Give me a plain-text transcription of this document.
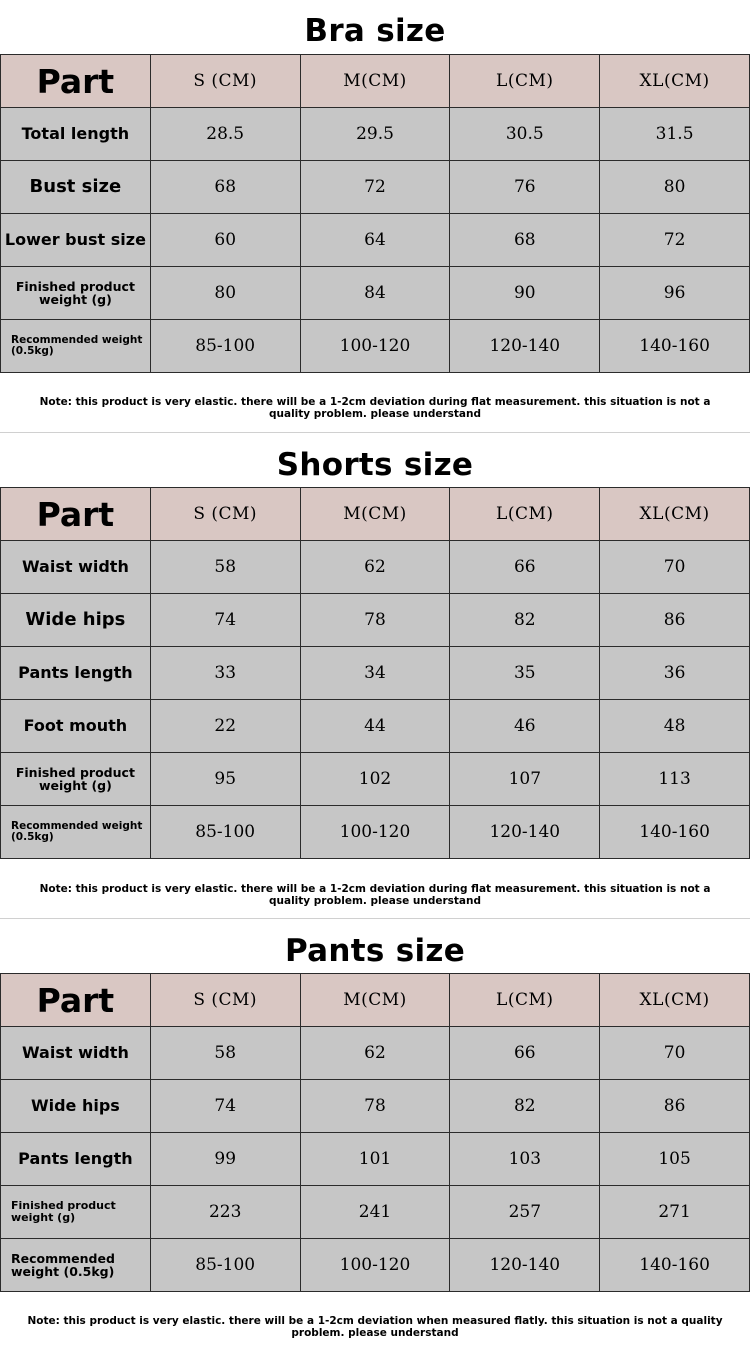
Bra size
Part	S (CM)	M(CM)	L(CM)	XL(CM)
Total length	28.5	29.5	30.5	31.5
Bust size	68	72	76	80
Lower bust size	60	64	68	72
Finished product weight (g)	80	84	90	96
Recommended weight (0.5kg)	85-100	100-120	120-140	140-160
Note: this product is very elastic. there will be a 1-2cm deviation during flat measurement. this situation is not a quality problem. please understand
Shorts size
Part	S (CM)	M(CM)	L(CM)	XL(CM)
Waist width	58	62	66	70
Wide hips	74	78	82	86
Pants length	33	34	35	36
Foot mouth	22	44	46	48
Finished product weight (g)	95	102	107	113
Recommended weight (0.5kg)	85-100	100-120	120-140	140-160
Note: this product is very elastic. there will be a 1-2cm deviation during flat measurement. this situation is not a quality problem. please understand
Pants size
Part	S (CM)	M(CM)	L(CM)	XL(CM)
Waist width	58	62	66	70
Wide hips	74	78	82	86
Pants length	99	101	103	105
Finished product weight (g)	223	241	257	271
Recommended weight (0.5kg)	85-100	100-120	120-140	140-160
Note: this product is very elastic. there will be a 1-2cm deviation when measured flatly. this situation is not a quality problem. please understand
